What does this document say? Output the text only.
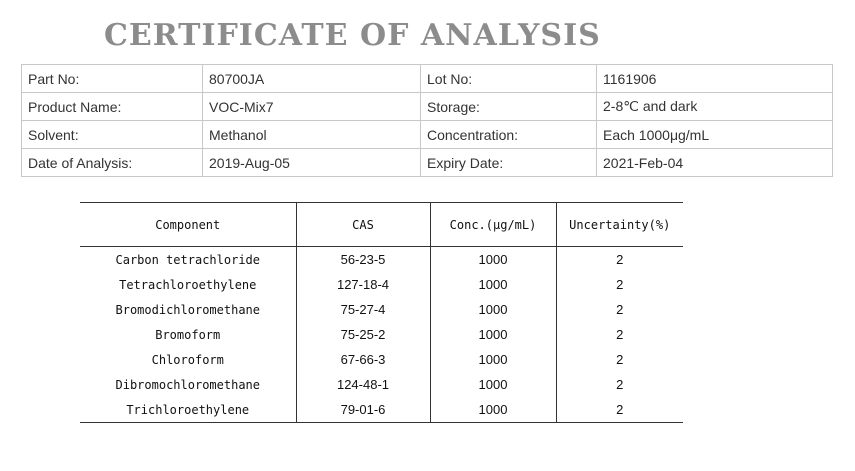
CERTIFICATE OF ANALYSIS
Part No:	80700JA	Lot No:	1161906
Product Name:	VOC-Mix7	Storage:	2-8℃ and dark
Solvent:	Methanol	Concentration:	Each 1000μg/mL
Date of Analysis:	2019-Aug-05	Expiry Date:	2021-Feb-04
Component	CAS	Conc.(μg/mL)	Uncertainty(%)
Carbon tetrachloride	56-23-5	1000	2
Tetrachloroethylene	127-18-4	1000	2
Bromodichloromethane	75-27-4	1000	2
Bromoform	75-25-2	1000	2
Chloroform	67-66-3	1000	2
Dibromochloromethane	124-48-1	1000	2
Trichloroethylene	79-01-6	1000	2
